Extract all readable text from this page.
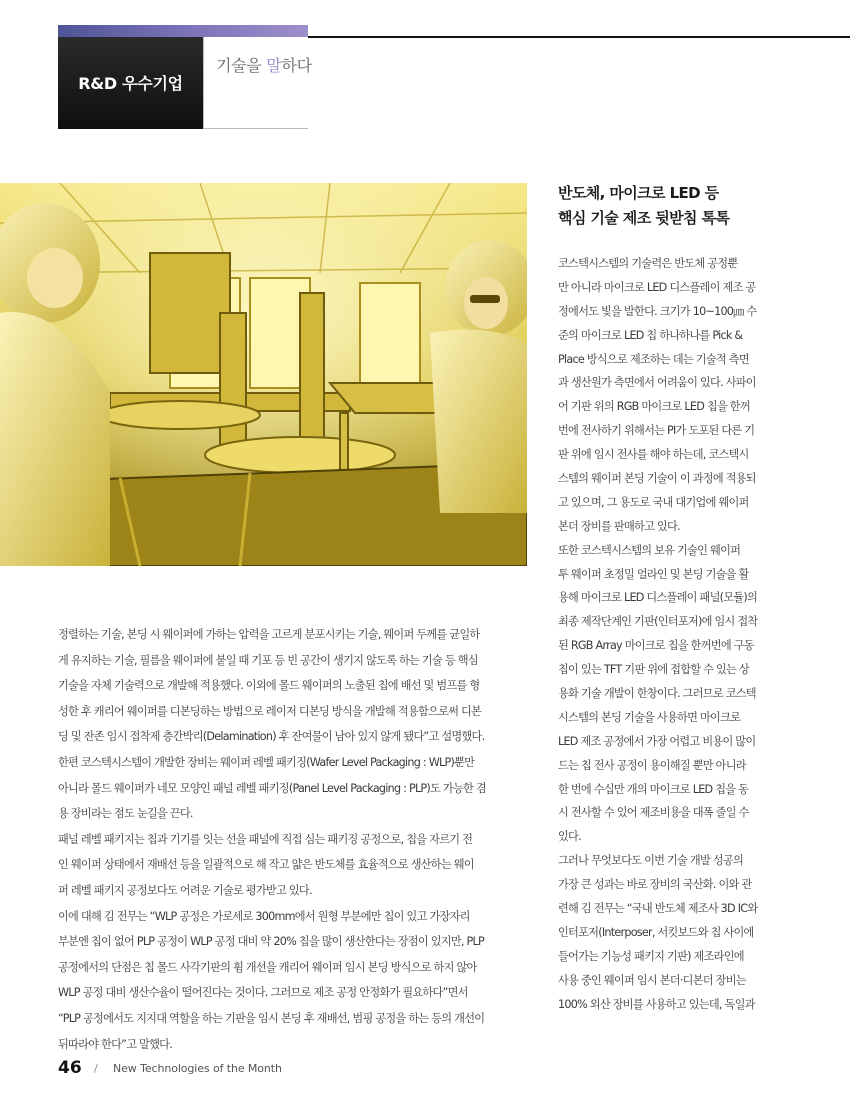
R&D 우수기업
기술을 말하다
반도체, 마이크로 LED 등
핵심 기술 제조 뒷받침 톡톡
코스텍시스템의 기술력은 반도체 공정뿐
만 아니라 마이크로 LED 디스플레이 제조 공
정에서도 빛을 발한다. 크기가 10~100㎛ 수
준의 마이크로 LED 칩 하나하나를 Pick &
Place 방식으로 제조하는 데는 기술적 측면
과 생산원가 측면에서 어려움이 있다. 사파이
어 기판 위의 RGB 마이크로 LED 칩을 한꺼
번에 전사하기 위해서는 PI가 도포된 다른 기
판 위에 임시 전사를 해야 하는데, 코스텍시
스템의 웨이퍼 본딩 기술이 이 과정에 적용되
고 있으며, 그 용도로 국내 대기업에 웨이퍼
본더 장비를 판매하고 있다.
또한 코스텍시스템의 보유 기술인 웨이퍼
투 웨이퍼 초정밀 얼라인 및 본딩 기술을 활
용해 마이크로 LED 디스플레이 패널(모듈)의
최종 제작단계인 기판(인터포저)에 임시 접착
된 RGB Array 마이크로 칩을 한꺼번에 구동
칩이 있는 TFT 기판 위에 접합할 수 있는 상
용화 기술 개발이 한창이다. 그러므로 코스텍
시스템의 본딩 기술을 사용하면 마이크로
LED 제조 공정에서 가장 어렵고 비용이 많이
드는 칩 전사 공정이 용이해질 뿐만 아니라
한 번에 수십만 개의 마이크로 LED 칩을 동
시 전사할 수 있어 제조비용을 대폭 줄일 수
있다.
그러나 무엇보다도 이번 기술 개발 성공의
가장 큰 성과는 바로 장비의 국산화. 이와 관
련해 김 전무는 “국내 반도체 제조사 3D IC와
인터포저(Interposer, 서킷보드와 칩 사이에
들어가는 기능성 패키지 기판) 제조라인에
사용 중인 웨이퍼 임시 본더·디본더 장비는
100% 외산 장비를 사용하고 있는데, 독일과
정렬하는 기술, 본딩 시 웨이퍼에 가하는 압력을 고르게 분포시키는 기술, 웨이퍼 두께를 균일하
게 유지하는 기술, 필름을 웨이퍼에 붙일 때 기포 등 빈 공간이 생기지 않도록 하는 기술 등 핵심
기술을 자체 기술력으로 개발해 적용했다. 이외에 몰드 웨이퍼의 노출된 칩에 배선 및 범프를 형
성한 후 캐리어 웨이퍼를 디본딩하는 방법으로 레이저 디본딩 방식을 개발해 적용함으로써 디본
딩 및 잔존 임시 접착제 층간박리(Delamination) 후 잔여물이 남아 있지 않게 됐다”고 설명했다.
한편 코스텍시스템이 개발한 장비는 웨이퍼 레벨 패키징(Wafer Level Packaging : WLP)뿐만
아니라 몰드 웨이퍼가 네모 모양인 패널 레벨 패키징(Panel Level Packaging : PLP)도 가능한 겸
용 장비라는 점도 눈길을 끈다.
패널 레벨 패키지는 칩과 기기를 잇는 선을 패널에 직접 심는 패키징 공정으로, 칩을 자르기 전
인 웨이퍼 상태에서 재배선 등을 일괄적으로 해 작고 얇은 반도체를 효율적으로 생산하는 웨이
퍼 레벨 패키지 공정보다도 어려운 기술로 평가받고 있다.
이에 대해 김 전무는 “WLP 공정은 가로세로 300mm에서 원형 부분에만 칩이 있고 가장자리
부분엔 칩이 없어 PLP 공정이 WLP 공정 대비 약 20% 칩을 많이 생산한다는 장점이 있지만, PLP
공정에서의 단점은 칩 몰드 사각기판의 휨 개선을 캐리어 웨이퍼 임시 본딩 방식으로 하지 않아
WLP 공정 대비 생산수율이 떨어진다는 것이다. 그러므로 제조 공정 안정화가 필요하다”면서
“PLP 공정에서도 지지대 역할을 하는 기판을 임시 본딩 후 재배선, 범핑 공정을 하는 등의 개선이
뒤따라야 한다”고 말했다.
46 / New Technologies of the Month
